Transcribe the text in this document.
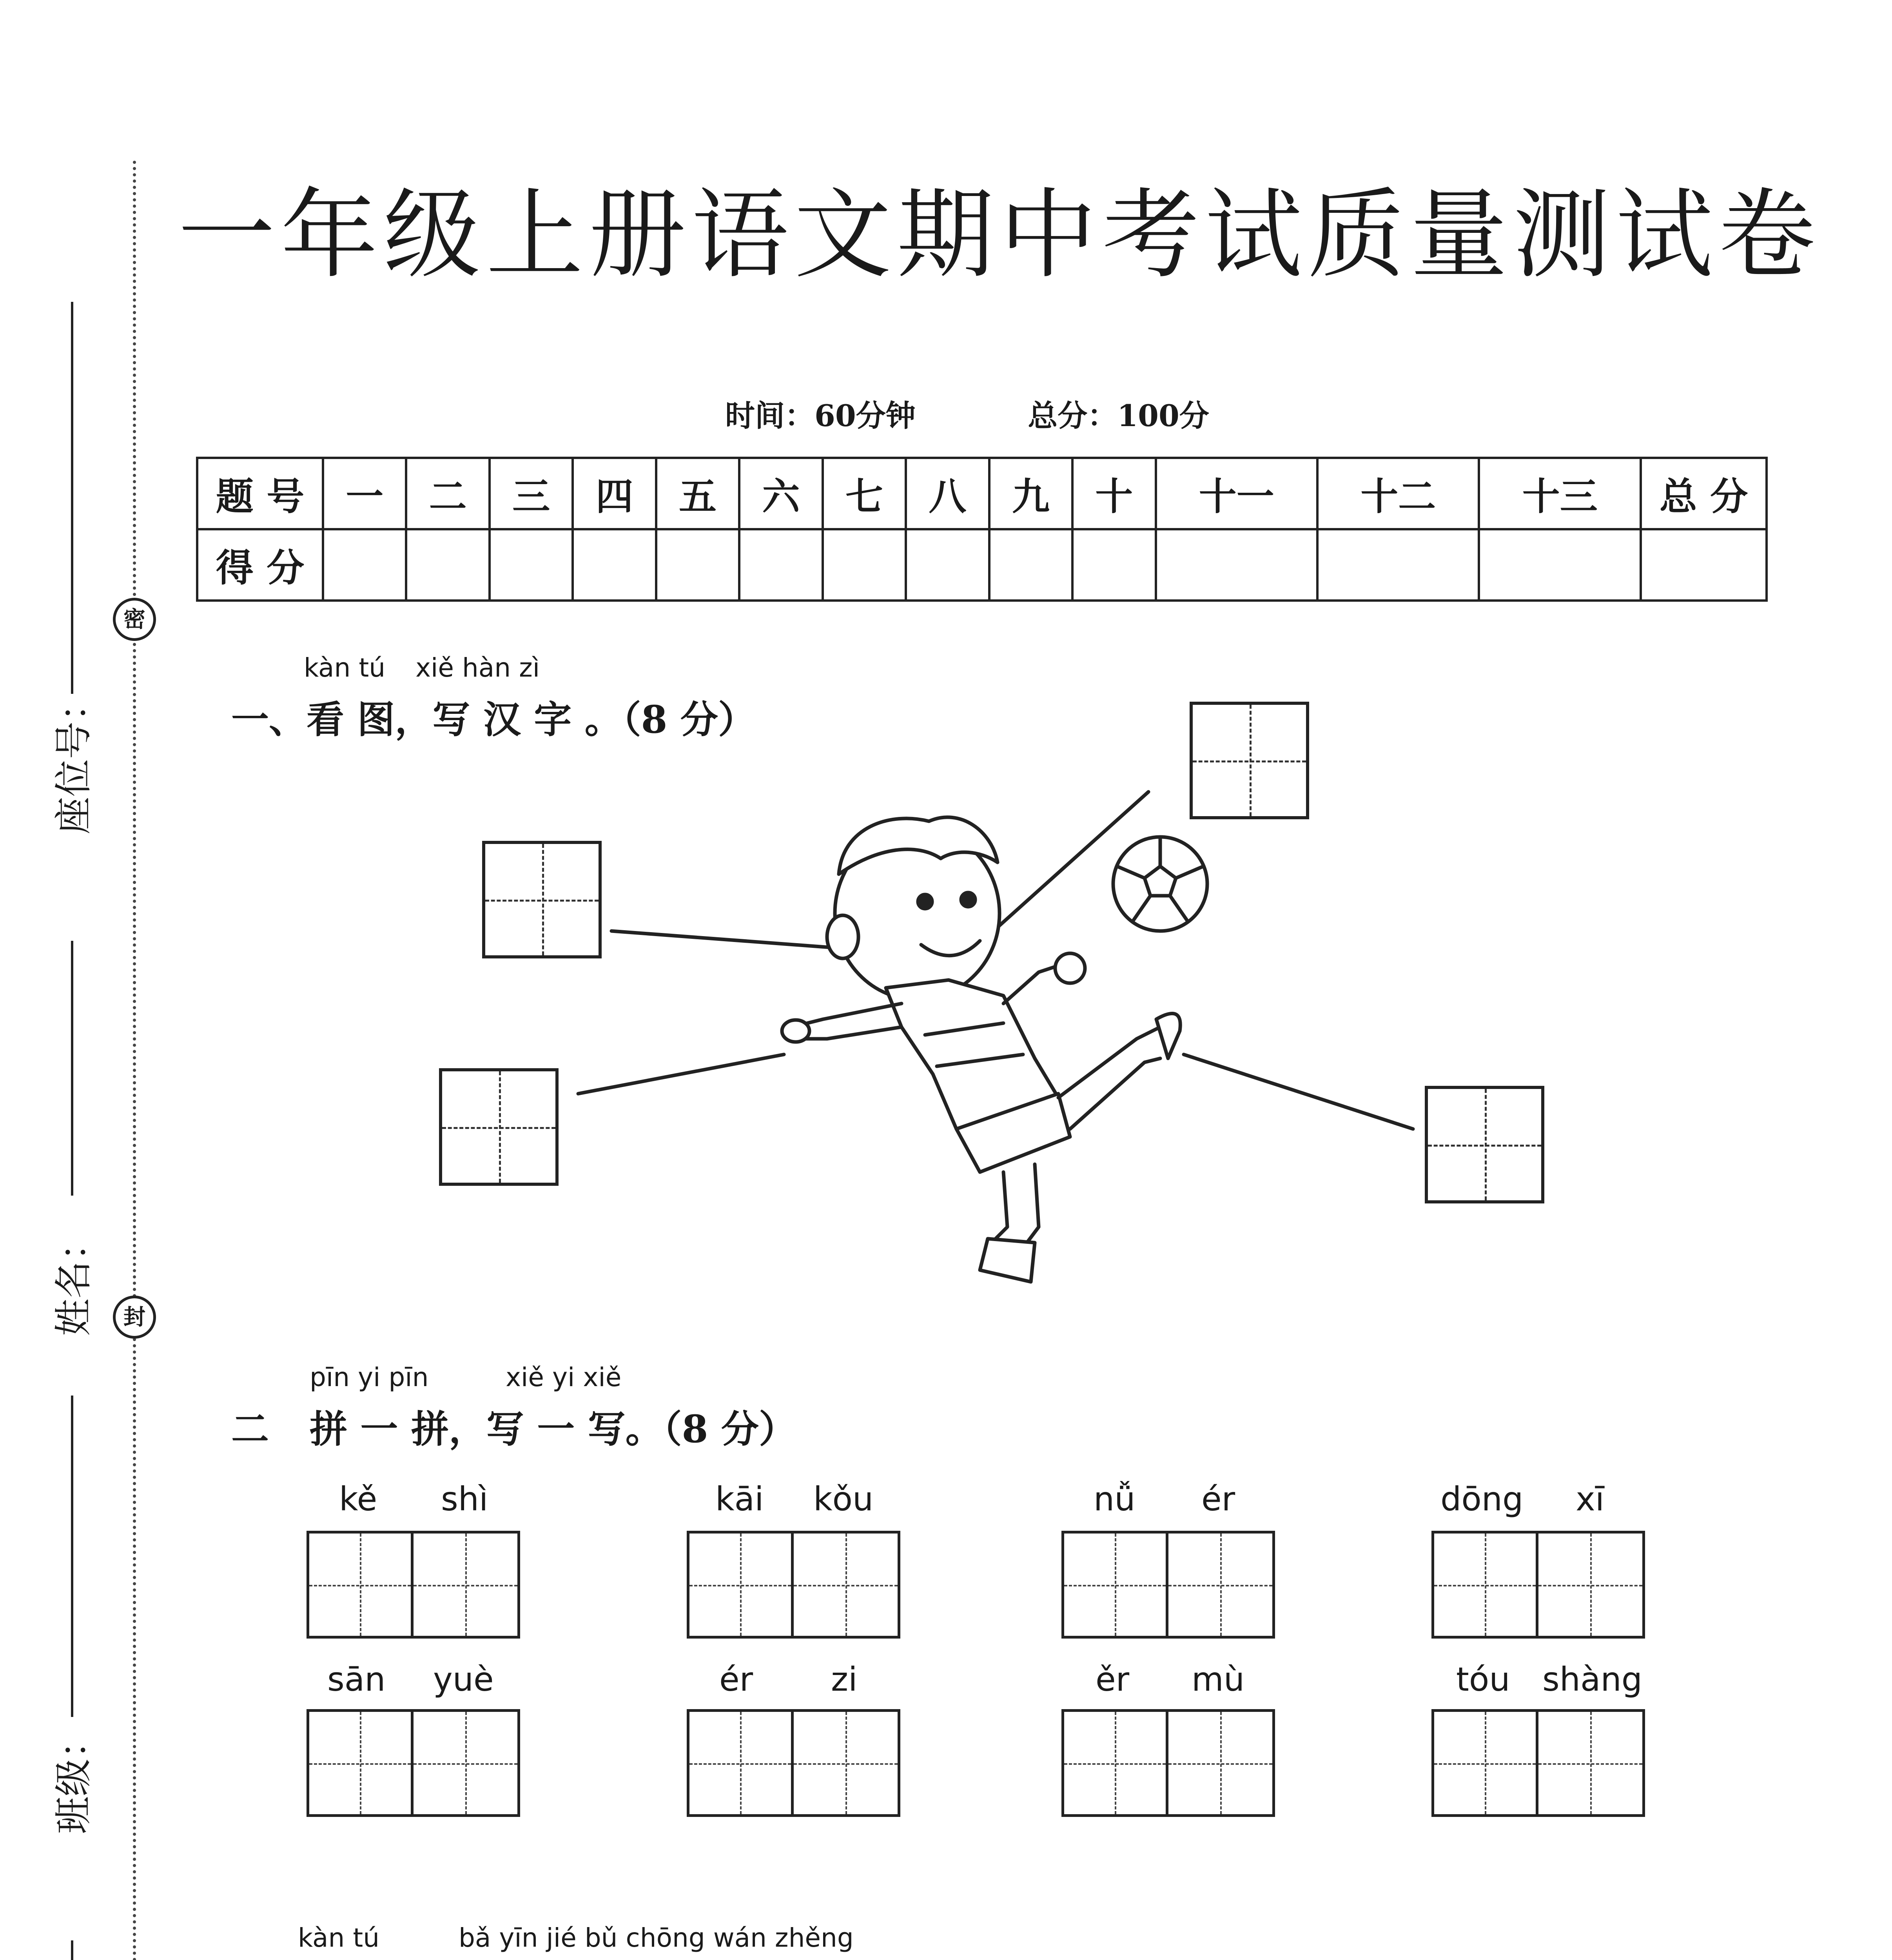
密
封
座位号：
姓名：
班级：
一年级上册语文期中考试质量测试卷
时间：60分钟	总分：100分
题 号	一	二	三	四	五	六	七	八	九	十	十一	十二	十三	总 分
得 分														
kàn tú xiě hàn zì
一、看 图，写 汉 字 。（8 分）
pīn yi pīn	xiě yi xiě
二 拼 一 拼，写 一 写。（8 分）
kě shì	kāi kǒu	nǚ ér	dōng xī
sān yuè	ér zi	ěr mù	tóu shàng
kàn tú	bǎ yīn jié bǔ chōng wán zhěng
